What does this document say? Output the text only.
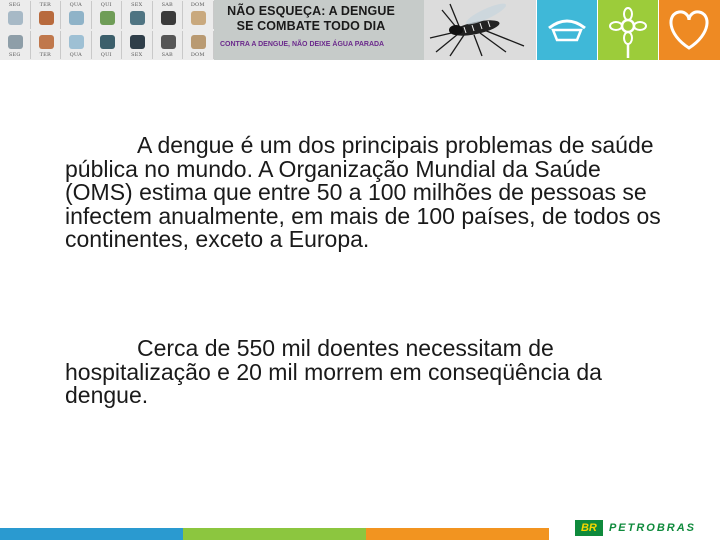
SEG	TER	QUA	QUI	SEX	SAB	DOM
SEG	TER	QUA	QUI	SEX	SAB	DOM
NÃO ESQUEÇA: A DENGUE
SE COMBATE TODO DIA
CONTRA A DENGUE, NÃO DEIXE ÁGUA PARADA

A dengue é um dos principais problemas de saúde pública no mundo. A Organização Mundial da Saúde (OMS) estima que entre 50 a 100 milhões de pessoas se infectem anualmente, em mais de 100 países, de todos os continentes, exceto a Europa.

Cerca de 550 mil doentes necessitam de hospitalização e 20 mil morrem em conseqüência da dengue.

BR	PETROBRAS
